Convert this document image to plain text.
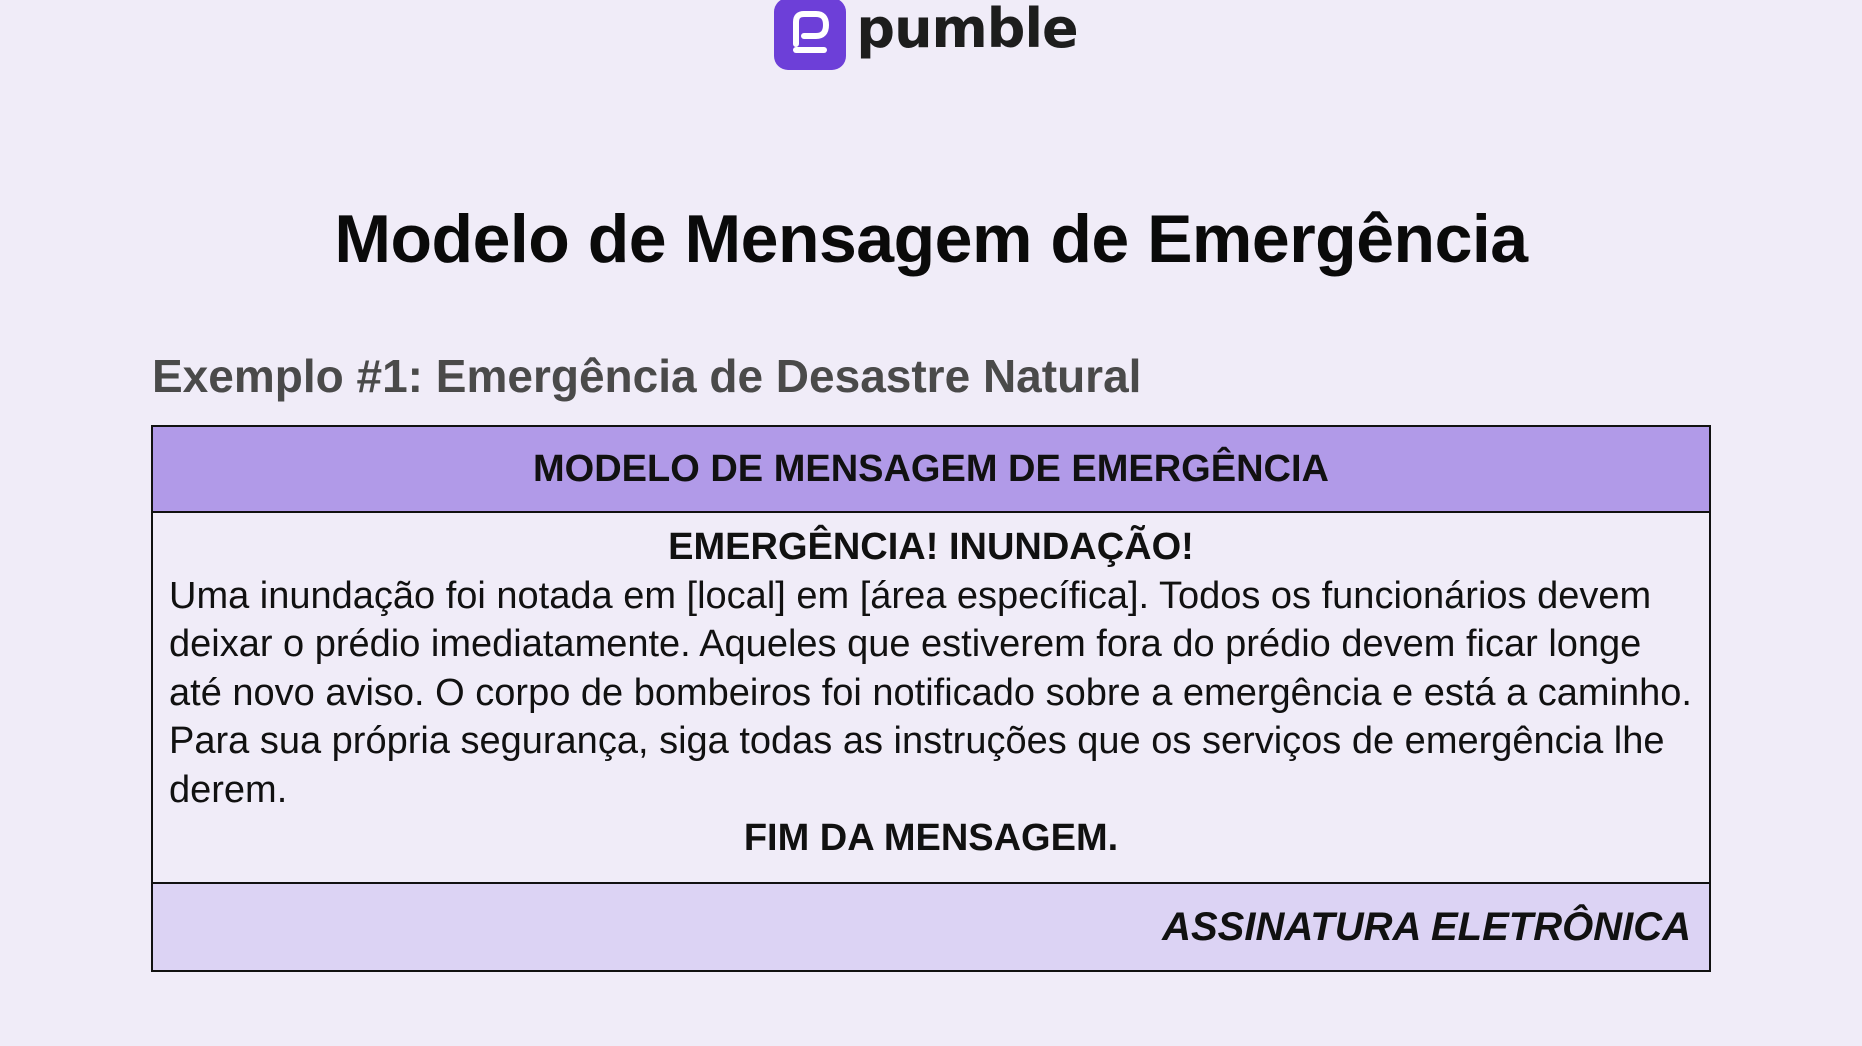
pumble
Modelo de Mensagem de Emergência
Exemplo #1: Emergência de Desastre Natural
MODELO DE MENSAGEM DE EMERGÊNCIA
EMERGÊNCIA! INUNDAÇÃO!
Uma inundação foi notada em [local] em [área específica]. Todos os funcionários devem deixar o prédio imediatamente. Aqueles que estiverem fora do prédio devem ficar longe até novo aviso. O corpo de bombeiros foi notificado sobre a emergência e está a caminho. Para sua própria segurança, siga todas as instruções que os serviços de emergência lhe derem.
FIM DA MENSAGEM.
ASSINATURA ELETRÔNICA
